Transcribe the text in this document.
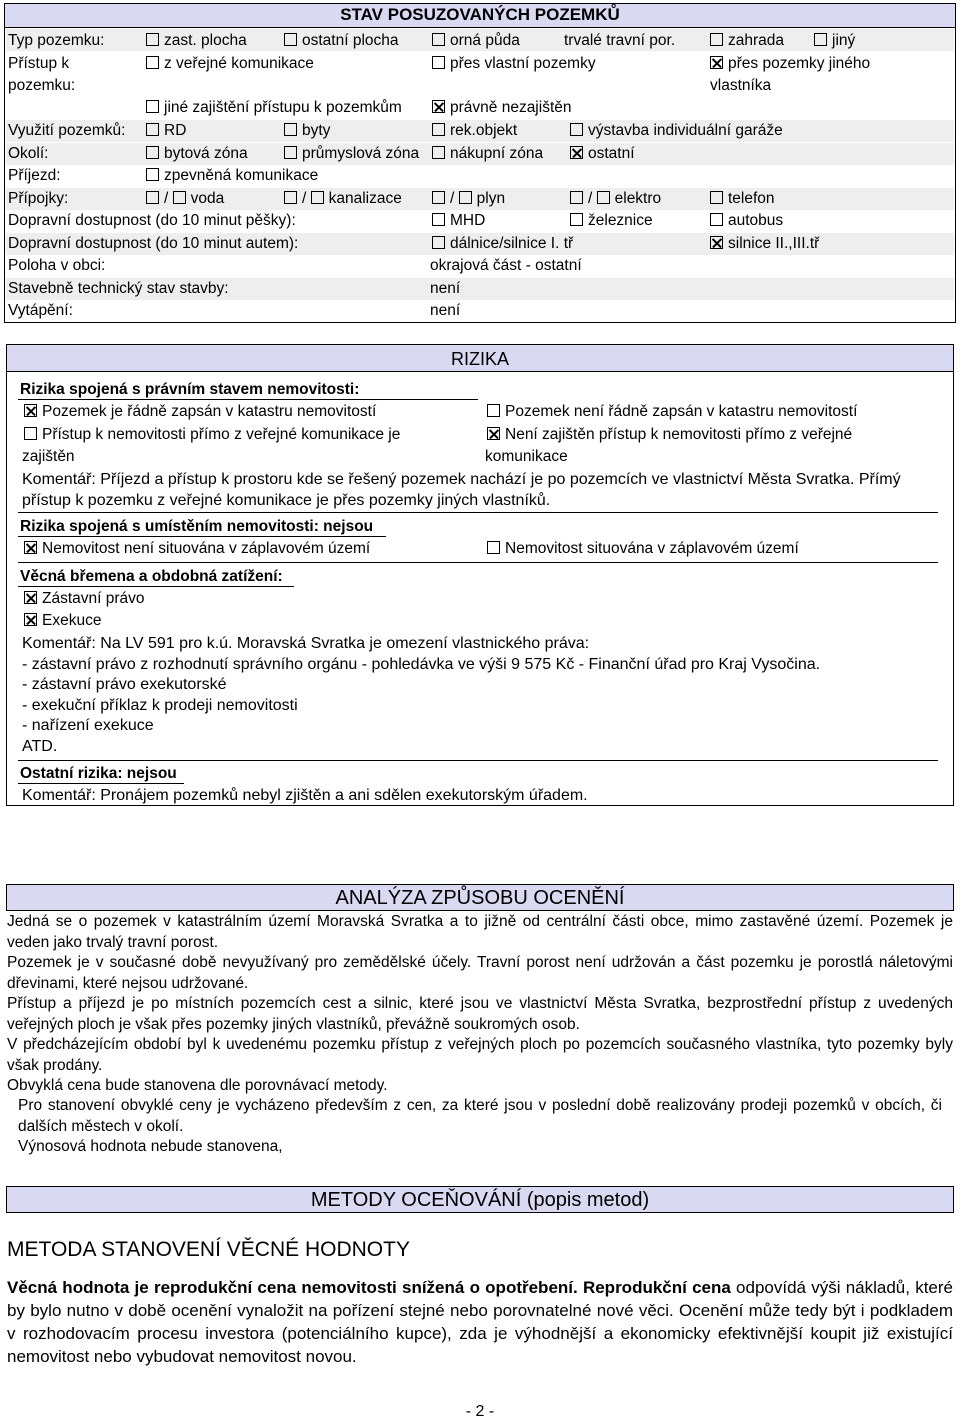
STAV POSUZOVANÝCH POZEMKŮ
Typ pozemku:	zast. plocha	ostatní plocha	orná půda	trvalé travní por.	zahrada	jiný
Přístup k
pozemku:
z veřejné komunikace	přes vlastní pozemky	přes pozemky jiného
vlastníka
jiné zajištění přístupu k pozemkům	právně nezajištěn
Využití pozemků:	RD	byty	rek.objekt	výstavba individuální garáže
Okolí:	bytová zóna	průmyslová zóna	nákupní zóna	ostatní
Příjezd:	zpevněná komunikace
Přípojky:	/ voda	/ kanalizace	/ plyn	/ elektro	telefon
Dopravní dostupnost (do 10 minut pěšky):	MHD	železnice	autobus
Dopravní dostupnost (do 10 minut autem):	dálnice/silnice I. tř	silnice II.,III.tř
Poloha v obci:	okrajová část - ostatní
Stavebně technický stav stavby:	není
Vytápění:	není
RIZIKA
Rizika spojená s právním stavem nemovitosti:
Pozemek je řádně zapsán v katastru nemovitostí	Pozemek není řádně zapsán v katastru nemovitostí
Přístup k nemovitosti přímo z veřejné komunikace je
zajištěn
Není zajištěn přístup k nemovitosti přímo z veřejné
komunikace
Komentář: Příjezd a přístup k prostoru kde se řešený pozemek nachází je po pozemcích ve vlastnictví Města Svratka. Přímý přístup k pozemku z veřejné komunikace je přes pozemky jiných vlastníků.
Rizika spojená s umístěním nemovitosti: nejsou
Nemovitost není situována v záplavovém území	Nemovitost situována v záplavovém území
Věcná břemena a obdobná zatížení:
Zástavní právo
Exekuce
Komentář: Na LV 591 pro k.ú. Moravská Svratka je omezení vlastnického práva:
- zástavní právo z rozhodnutí správního orgánu - pohledávka ve výši 9 575 Kč - Finanční úřad pro Kraj Vysočina.
- zástavní právo exekutorské
- exekuční příklaz k prodeji nemovitosti
- nařízení exekuce
ATD.
Ostatní rizika: nejsou
Komentář: Pronájem pozemků nebyl zjištěn a ani sdělen exekutorským úřadem.
ANALÝZA ZPŮSOBU OCENĚNÍ
Jedná se o pozemek v katastrálním území Moravská Svratka a to jižně od centrální části obce, mimo zastavěné území. Pozemek je veden jako trvalý travní porost.
Pozemek je v současné době nevyužívaný pro zemědělské účely. Travní porost není udržován a část pozemku je porostlá náletovými dřevinami, které nejsou udržované.
Přístup a příjezd je po místních pozemcích cest a silnic, které jsou ve vlastnictví Města Svratka, bezprostřední přístup z uvedených veřejných ploch je však přes pozemky jiných vlastníků, převážně soukromých osob.
V předcházejícím období byl k uvedenému pozemku přístup z veřejných ploch po pozemcích současného vlastníka, tyto pozemky byly však prodány.
Obvyklá cena bude stanovena dle porovnávací metody.
Pro stanovení obvyklé ceny je vycházeno především z cen, za které jsou v poslední době realizovány prodeji pozemků v obcích, či dalších městech v okolí.
Výnosová hodnota nebude stanovena,
METODY OCEŇOVÁNÍ (popis metod)
METODA STANOVENÍ VĚCNÉ HODNOTY
Věcná hodnota je reprodukční cena nemovitosti snížená o opotřebení. Reprodukční cena odpovídá výši nákladů, které by bylo nutno v době ocenění vynaložit na pořízení stejné nebo porovnatelné nové věci. Ocenění může tedy být i podkladem v rozhodovacím procesu investora (potenciálního kupce), zda je výhodnější a ekonomicky efektivnější koupit již existující nemovitost nebo vybudovat nemovitost novou.
- 2 -
